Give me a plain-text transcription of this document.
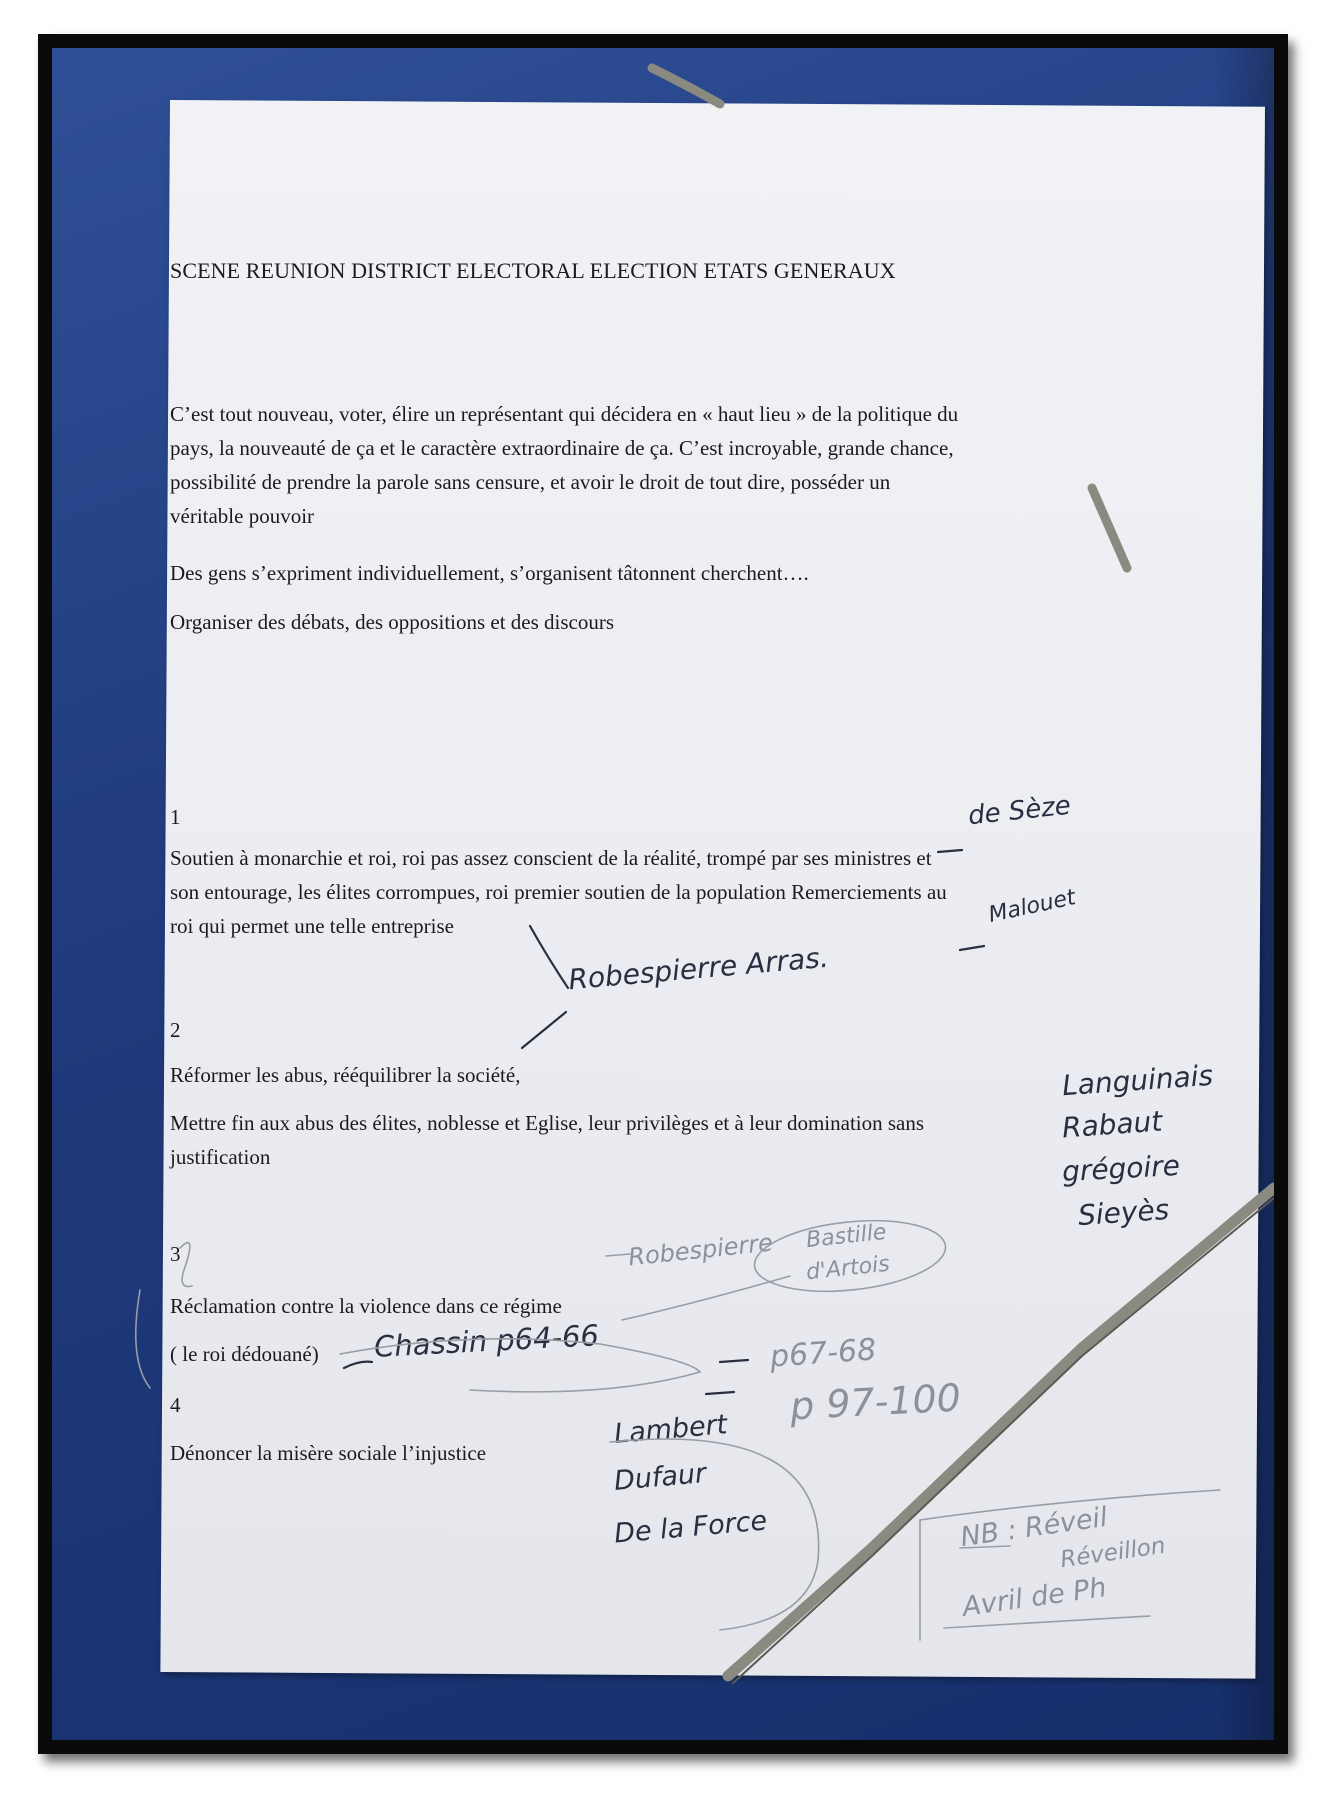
SCENE REUNION DISTRICT ELECTORAL ELECTION ETATS GENERAUX
C’est tout nouveau, voter, élire un représentant qui décidera en « haut lieu » de la politique du
pays, la nouveauté de ça et le caractère extraordinaire de ça. C’est incroyable, grande chance,
possibilité de prendre la parole sans censure, et avoir le droit de tout dire, posséder un
véritable pouvoir
Des gens s’expriment individuellement, s’organisent tâtonnent cherchent….
Organiser des débats, des oppositions et des discours
1
Soutien à monarchie et roi, roi pas assez conscient de la réalité, trompé par ses ministres et
son entourage, les élites corrompues, roi premier soutien de la population Remerciements au
roi qui permet une telle entreprise
2
Réformer les abus, rééquilibrer la société,
Mettre fin aux abus des élites, noblesse et Eglise, leur privilèges et à leur domination sans
justification
3
Réclamation contre la violence dans ce régime
( le roi dédouané)
4
Dénoncer la misère sociale l’injustice
de Sèze
Malouet
Robespierre Arras.
Languinais
Rabaut
grégoire
Sieyès
Robespierre Bastille
d'Artois
Chassin p64-66	p67-68
p 97-100
Lambert
Dufaur
De la Force	NB : Réveil
Réveillon
Avril de Ph
